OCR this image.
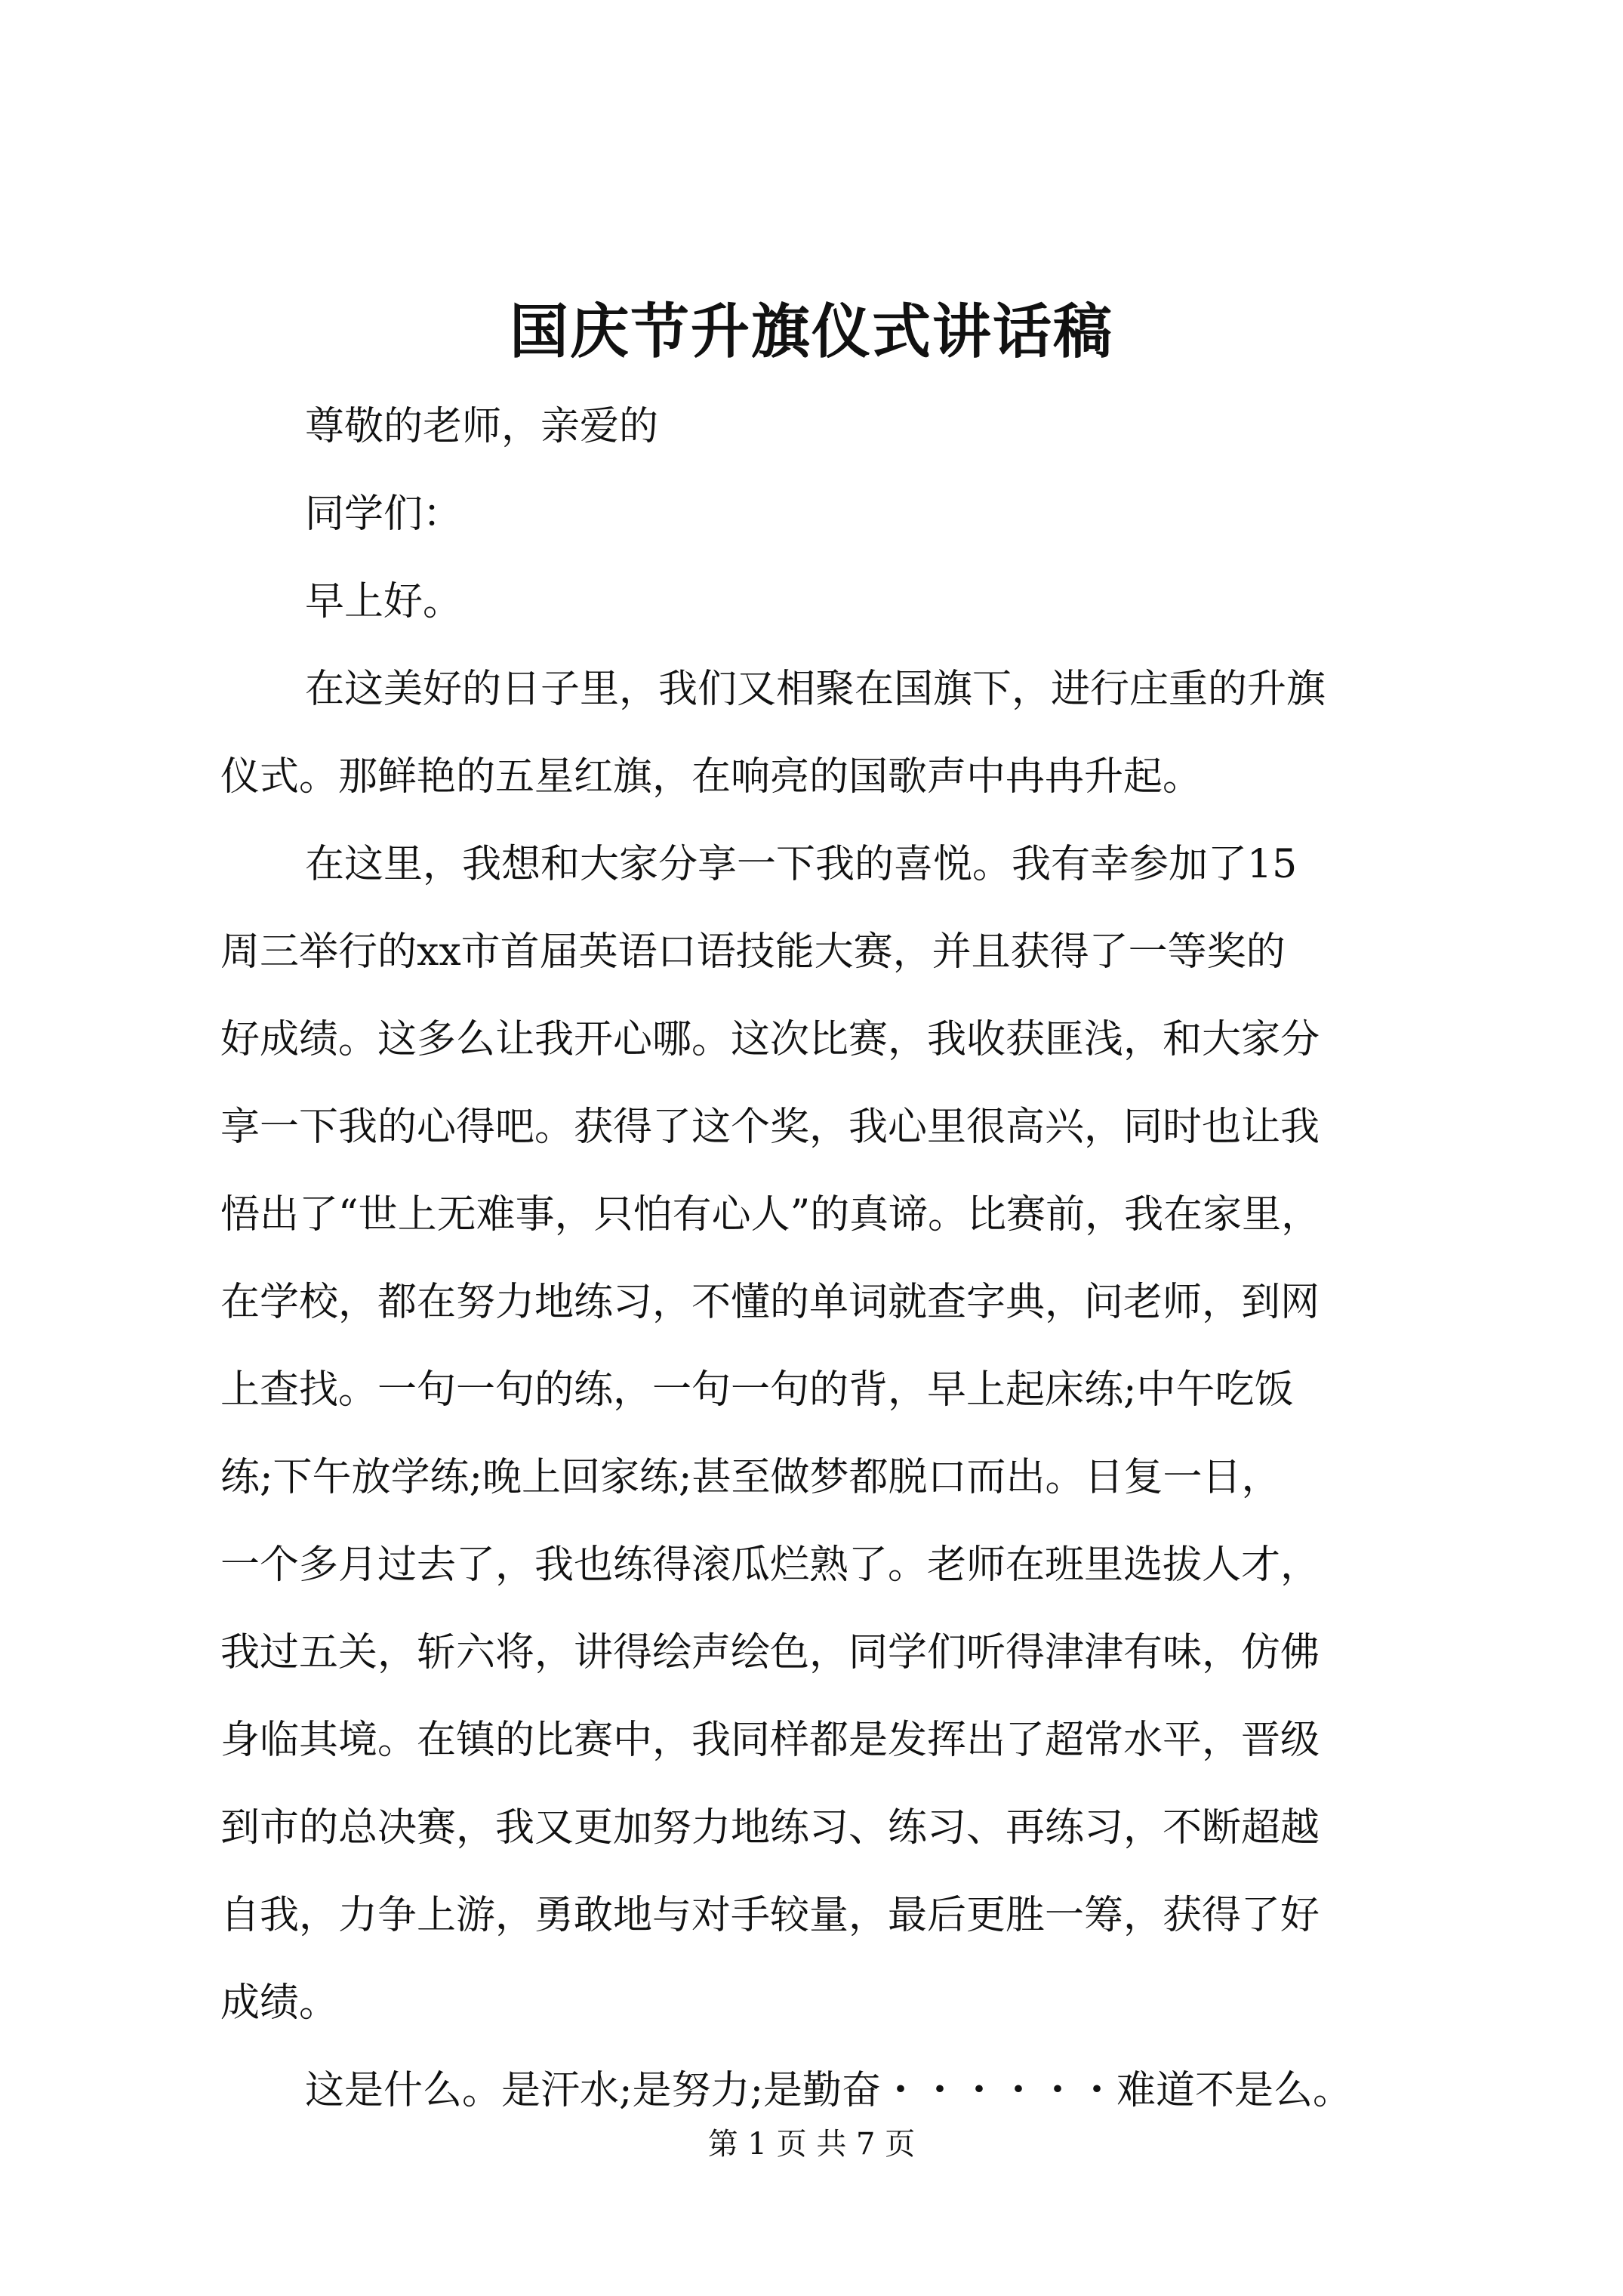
国庆节升旗仪式讲话稿
尊敬的老师，亲爱的
同学们：
早上好。
在这美好的日子里，我们又相聚在国旗下，进行庄重的升旗
仪式。那鲜艳的五星红旗，在响亮的国歌声中冉冉升起。
在这里，我想和大家分享一下我的喜悦。我有幸参加了15
周三举行的xx市首届英语口语技能大赛，并且获得了一等奖的
好成绩。这多么让我开心哪。这次比赛，我收获匪浅，和大家分
享一下我的心得吧。获得了这个奖，我心里很高兴，同时也让我
悟出了“世上无难事，只怕有心人”的真谛。比赛前，我在家里，
在学校，都在努力地练习，不懂的单词就查字典，问老师，到网
上查找。一句一句的练，一句一句的背，早上起床练;中午吃饭
练;下午放学练;晚上回家练;甚至做梦都脱口而出。日复一日，
一个多月过去了，我也练得滚瓜烂熟了。老师在班里选拔人才，
我过五关，斩六将，讲得绘声绘色，同学们听得津津有味，仿佛
身临其境。在镇的比赛中，我同样都是发挥出了超常水平，晋级
到市的总决赛，我又更加努力地练习、练习、再练习，不断超越
自我，力争上游，勇敢地与对手较量，最后更胜一筹，获得了好
成绩。
这是什么。是汗水;是努力;是勤奋・・・・・・难道不是么。
第 1 页 共 7 页
